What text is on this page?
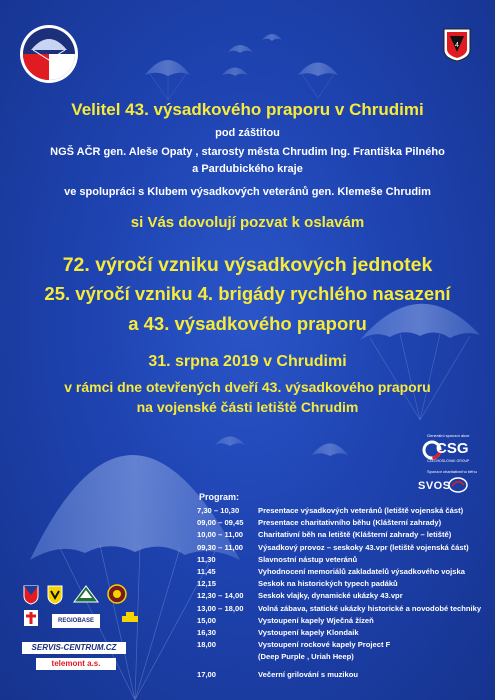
4
Velitel 43. výsadkového praporu v Chrudimi
pod záštitou
NGŠ AČR gen. Aleše Opaty , starosty města Chrudim Ing. Františka Pilného
a Pardubického kraje
ve spolupráci s Klubem výsadkových veteránů gen. Klemeše Chrudim
si Vás dovolují pozvat k oslavám
72. výročí vzniku výsadkových jednotek
25. výročí vzniku 4. brigády rychlého nasazení
a 43. výsadkového praporu
31. srpna 2019 v Chrudimi
v rámci dne otevřených dveří 43. výsadkového praporu
na vojenské části letiště Chrudim
Generální sponzor akce
CSG
CZECHOSLOVAK GROUP
Sponzor charitativního běhu
SVOS
Program:
7,30 – 10,30	Presentace výsadkových veteránů (letiště vojenská část)
09,00 – 09,45	Presentace charitativního běhu (Klášterní zahrady)
10,00 – 11,00	Charitativní běh na letiště (Klášterní zahrady – letiště)
09,30 – 11,00	Výsadkový provoz – seskoky 43.vpr (letiště vojenská část)
11,30	Slavnostní nástup veteránů
11,45	Vyhodnocení memoriálů zakladatelů výsadkového vojska
12,15	Seskok na historických typech padáků
12,30 – 14,00	Seskok vlajky, dynamické ukázky 43.vpr
13,00 – 18,00	Volná zábava, statické ukázky historické a novodobé techniky
15,00	Vystoupení kapely Wječná žízeň
16,30	Vystoupení kapely Klondaik
18,00	Vystoupení rockové kapely Project F
(Deep Purple , Uriah Heep)
17,00	Večerní grilování s muzikou
REGIOBASE
SERVIS-CENTRUM.CZ
telemont a.s.
